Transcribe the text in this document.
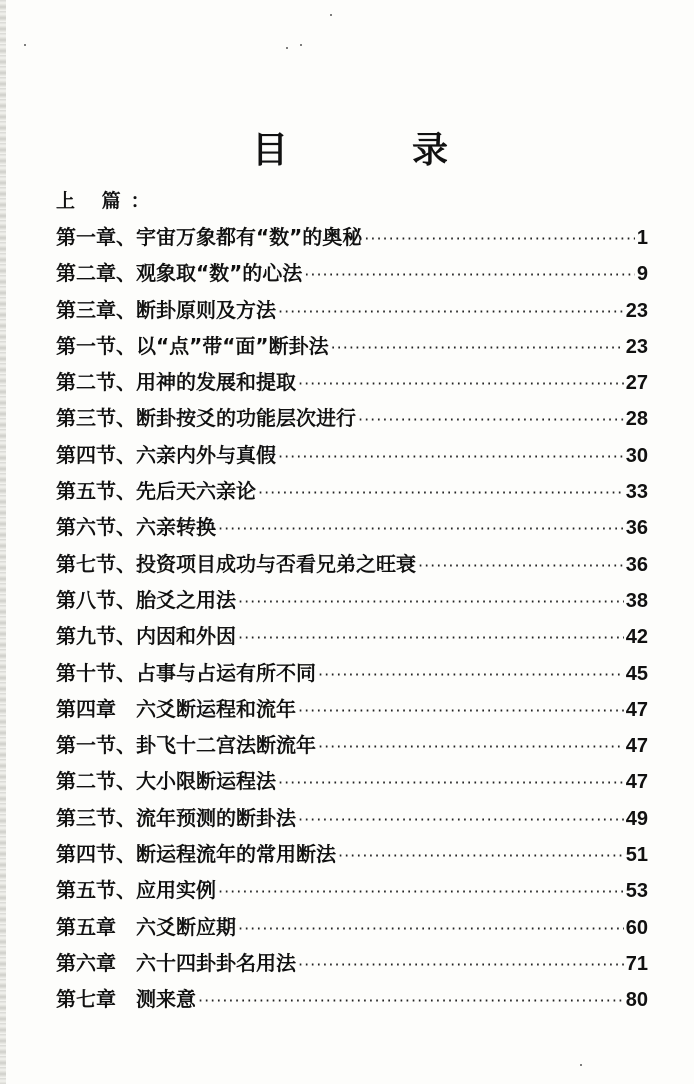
目	录
上 篇：
第一章、宇宙万象都有“数”的奥秘 ·····	1
第二章、观象取“数”的心法 ·····	9
第三章、断卦原则及方法 ·····	23
第一节、以“点”带“面”断卦法 ·····	23
第二节、用神的发展和提取 ·····	27
第三节、断卦按爻的功能层次进行 ·····	28
第四节、六亲内外与真假 ·····	30
第五节、先后天六亲论 ·····	33
第六节、六亲转换 ·····	36
第七节、投资项目成功与否看兄弟之旺衰 ·····	36
第八节、胎爻之用法 ·····	38
第九节、内因和外因 ·····	42
第十节、占事与占运有所不同 ·····	45
第四章　六爻断运程和流年 ·····	47
第一节、卦飞十二宫法断流年 ·····	47
第二节、大小限断运程法 ·····	47
第三节、流年预测的断卦法 ·····	49
第四节、断运程流年的常用断法 ·····	51
第五节、应用实例 ·····	53
第五章　六爻断应期 ·····	60
第六章　六十四卦卦名用法 ·····	71
第七章　测来意 ·····	80
